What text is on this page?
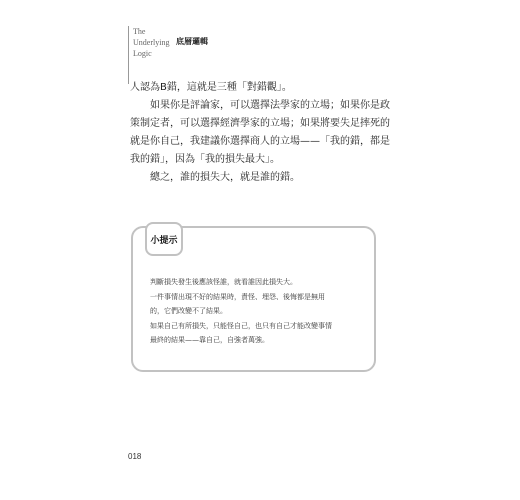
The
Underlying
Logic
底層邏輯

人認為B錯，這就是三種「對錯觀」。

如果你是評論家，可以選擇法學家的立場；如果你是政策制定者，可以選擇經濟學家的立場；如果將要失足摔死的就是你自己，我建議你選擇商人的立場——「我的錯，都是我的錯」，因為「我的損失最大」。

總之，誰的損失大，就是誰的錯。

小提示

判斷損失發生後應該怪誰，就看誰因此損失大。

一件事情出現不好的結果時，責怪、埋怨、後悔都是無用

的，它們改變不了結果。

如果自己有所損失，只能怪自己，也只有自己才能改變事情

最終的結果——靠自己，自強者萬強。

018
